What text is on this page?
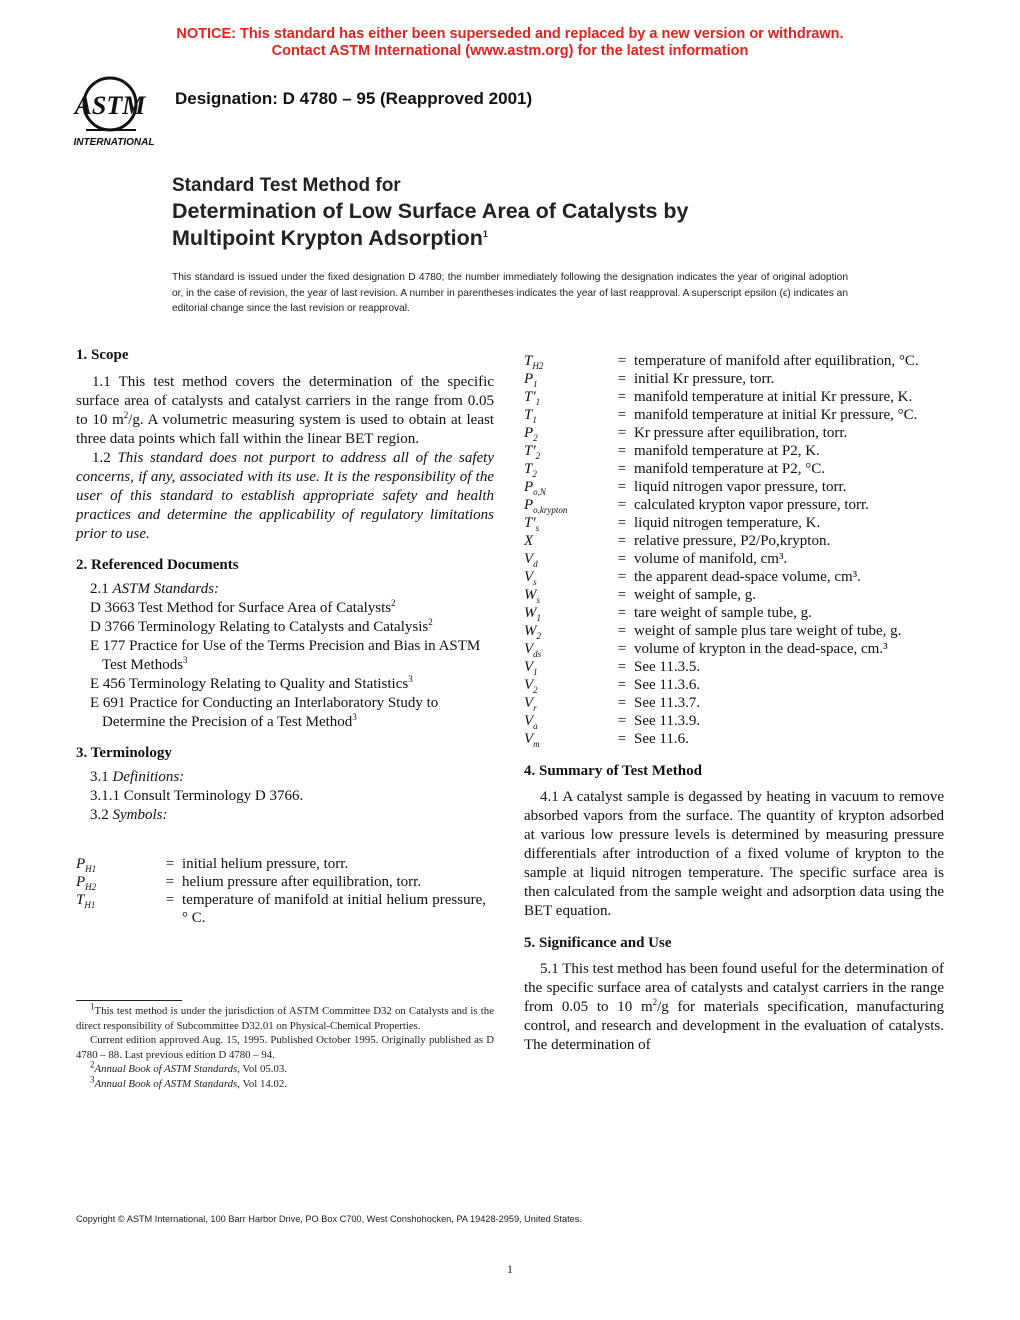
NOTICE: This standard has either been superseded and replaced by a new version or withdrawn.
Contact ASTM International (www.astm.org) for the latest information
ASTM
INTERNATIONAL
Designation: D 4780 – 95 (Reapproved 2001)
Standard Test Method for
Determination of Low Surface Area of Catalysts by
Multipoint Krypton Adsorption$^1$
This standard is issued under the fixed designation D 4780; the number immediately following the designation indicates the year of original adoption or, in the case of revision, the year of last revision. A number in parentheses indicates the year of last reapproval. A superscript epsilon (ϵ) indicates an editorial change since the last revision or reapproval.
1. Scope
1.1 This test method covers the determination of the specific surface area of catalysts and catalyst carriers in the range from 0.05 to 10 $m^2/g$. A volumetric measuring system is used to obtain at least three data points which fall within the linear BET region.
1.2 This standard does not purport to address all of the safety concerns, if any, associated with its use. It is the responsibility of the user of this standard to establish appropriate safety and health practices and determine the applicability of regulatory limitations prior to use.
2. Referenced Documents
2.1 ASTM Standards:
D 3663 Test Method for Surface Area of Catalysts$^2$
D 3766 Terminology Relating to Catalysts and Catalysis$^2$
E 177 Practice for Use of the Terms Precision and Bias in ASTM Test Methods$^3$
E 456 Terminology Relating to Quality and Statistics$^3$
E 691 Practice for Conducting an Interlaboratory Study to Determine the Precision of a Test Method$^3$
3. Terminology
3.1 Definitions:
3.1.1 Consult Terminology D 3766.
3.2 Symbols:
$P_{H1}$	=	initial helium pressure, torr.
$P_{H2}$	=	helium pressure after equilibration, torr.
$T_{H1}$	=	temperature of manifold at initial helium pressure,° C.
$^1$This test method is under the jurisdiction of ASTM Committee D32 on Catalysts and is the direct responsibility of Subcommittee D32.01 on Physical-Chemical Properties.
Current edition approved Aug. 15, 1995. Published October 1995. Originally published as D 4780 – 88. Last previous edition D 4780 – 94.
$^2$Annual Book of ASTM Standards, Vol 05.03.
$^3$Annual Book of ASTM Standards, Vol 14.02.
$T_{H2}$	=	temperature of manifold after equilibration, °C.
$P_1$	=	initial Kr pressure, torr.
$T'_1$	=	manifold temperature at initial Kr pressure, K.
$T_1$	=	manifold temperature at initial Kr pressure, °C.
$P_2$	=	Kr pressure after equilibration, torr.
$T'_2$	=	manifold temperature at P2, K.
$T_2$	=	manifold temperature at P2, °C.
$P_{o,N}$	=	liquid nitrogen vapor pressure, torr.
$P_{o,krypton}$	=	calculated krypton vapor pressure, torr.
$T'_s$	=	liquid nitrogen temperature, K.
X	=	relative pressure, P2/Po,krypton.
$V_d$	=	volume of manifold, cm³.
$V_s$	=	the apparent dead-space volume, cm³.
$W_s$	=	weight of sample, g.
$W_1$	=	tare weight of sample tube, g.
$W_2$	=	weight of sample plus tare weight of tube, g.
$V_{ds}$	=	volume of krypton in the dead-space, cm.³
$V_1$	=	See 11.3.5.
$V_2$	=	See 11.3.6.
$V_r$	=	See 11.3.7.
$V_a$	=	See 11.3.9.
$V_m$	=	See 11.6.
4. Summary of Test Method
4.1 A catalyst sample is degassed by heating in vacuum to remove absorbed vapors from the surface. The quantity of krypton adsorbed at various low pressure levels is determined by measuring pressure differentials after introduction of a fixed volume of krypton to the sample at liquid nitrogen temperature. The specific surface area is then calculated from the sample weight and adsorption data using the BET equation.
5. Significance and Use
5.1 This test method has been found useful for the determination of the specific surface area of catalysts and catalyst carriers in the range from 0.05 to 10 $m^2/g$ for materials specification, manufacturing control, and research and development in the evaluation of catalysts. The determination of
Copyright © ASTM International, 100 Barr Harbor Drive, PO Box C700, West Conshohocken, PA 19428-2959, United States.
1
